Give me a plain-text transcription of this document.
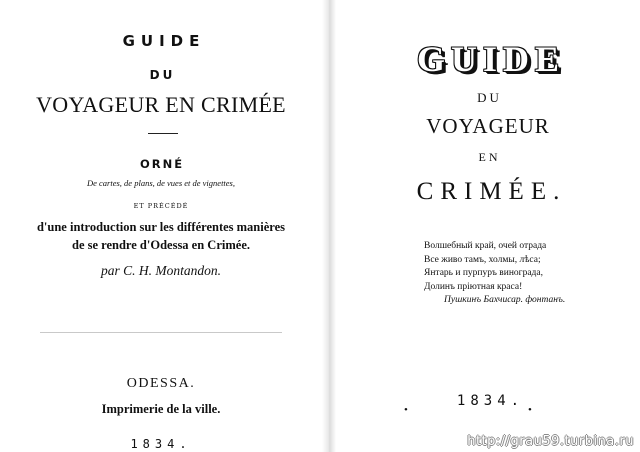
GUIDE
DU
VOYAGEUR EN CRIMÉE
ORNÉ
De cartes, de plans, de vues et de vignettes,
ET PRÉCÉDÉ
d'une introduction sur les différentes manières
de se rendre d'Odessa en Crimée.
par C. H. Montandon.
ODESSA.
Imprimerie de la ville.
1834.
GUIDE
DU
VOYAGEUR
EN
CRIMÉE.
Волшебный край, очей отрада
Все живо тамъ, холмы, лѣса;
Янтарь и пурпуръ винограда,
Долинъ пріютная краса!
Пушкинъ Бахчисар. фонтанъ.
•
1834.
•
http://grau59.turbina.ru
